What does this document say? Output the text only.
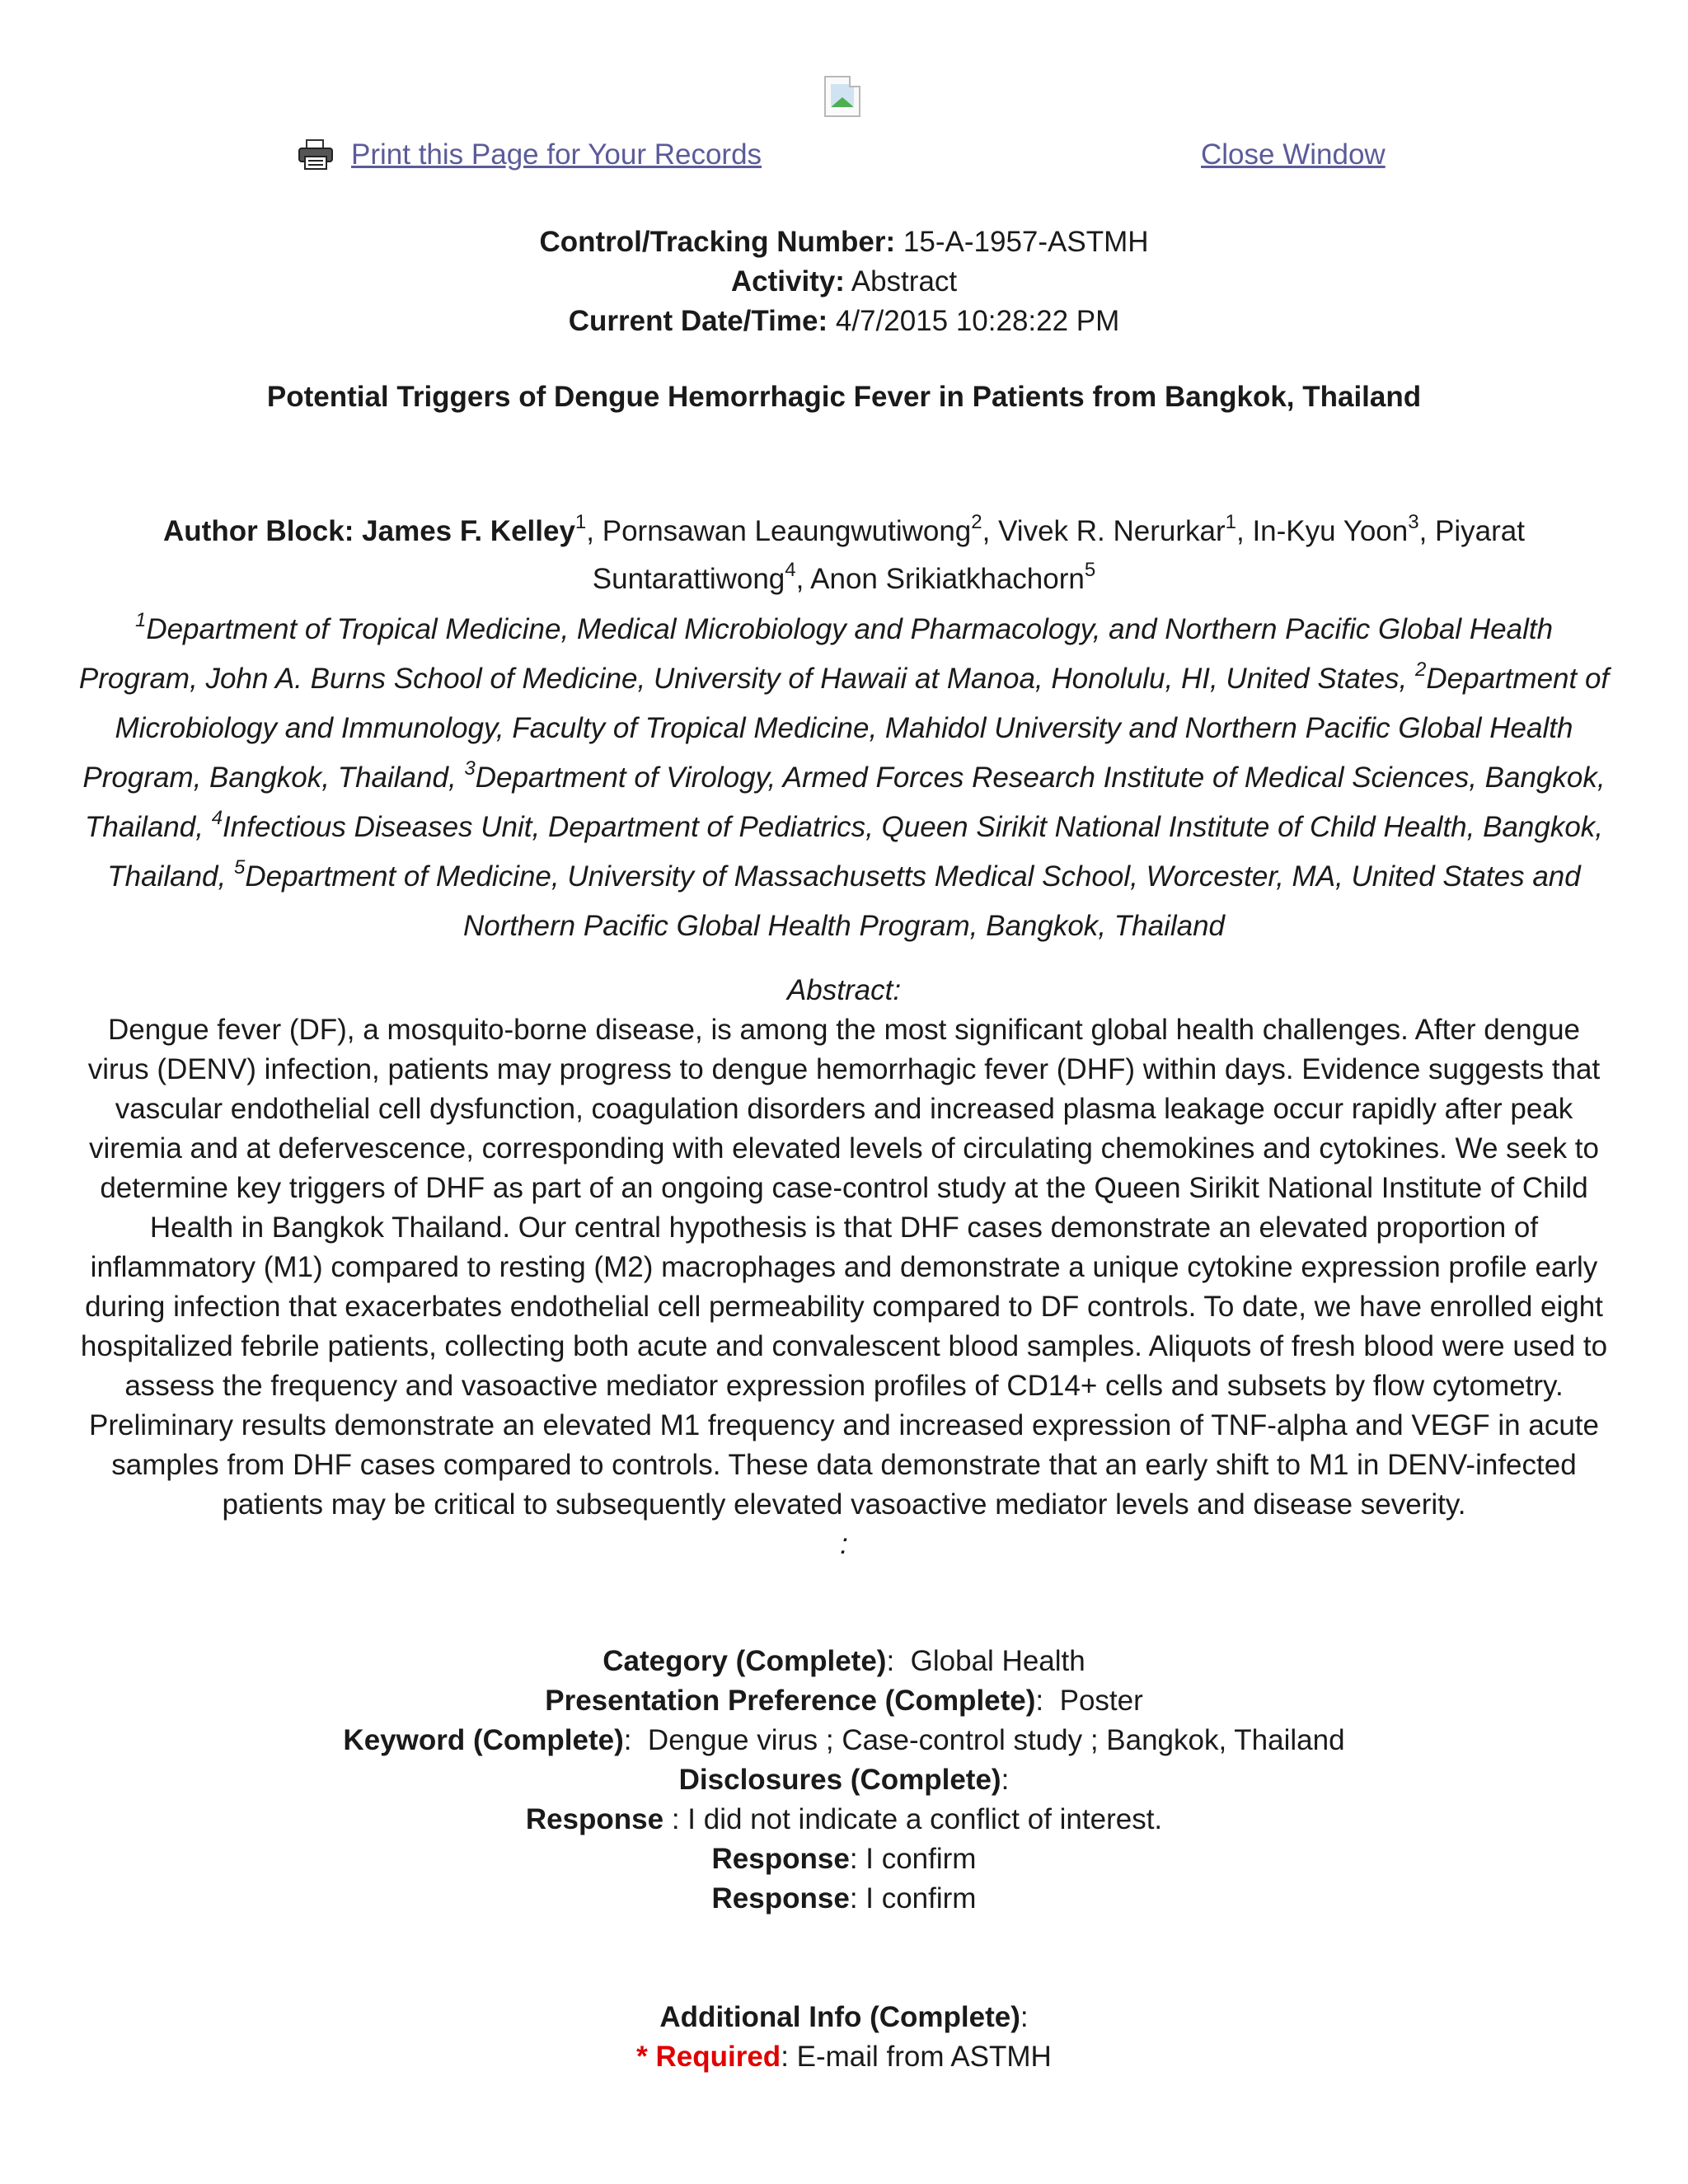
Print this Page for Your Records	Close Window
Control/Tracking Number: 15-A-1957-ASTMH
Activity: Abstract
Current Date/Time: 4/7/2015 10:28:22 PM
Potential Triggers of Dengue Hemorrhagic Fever in Patients from Bangkok, Thailand
Author Block: James F. Kelley$^1$, Pornsawan Leaungwutiwong$^2$, Vivek R. Nerurkar$^1$, In-Kyu Yoon$^3$, Piyarat Suntarattiwong$^4$, Anon Srikiatkhachorn$^5$
$^1$Department of Tropical Medicine, Medical Microbiology and Pharmacology, and Northern Pacific Global Health Program, John A. Burns School of Medicine, University of Hawaii at Manoa, Honolulu, HI, United States, $^2$Department of Microbiology and Immunology, Faculty of Tropical Medicine, Mahidol University and Northern Pacific Global Health Program, Bangkok, Thailand, $^3$Department of Virology, Armed Forces Research Institute of Medical Sciences, Bangkok, Thailand, $^4$Infectious Diseases Unit, Department of Pediatrics, Queen Sirikit National Institute of Child Health, Bangkok, Thailand, $^5$Department of Medicine, University of Massachusetts Medical School, Worcester, MA, United States and Northern Pacific Global Health Program, Bangkok, Thailand
Abstract:
Dengue fever (DF), a mosquito-borne disease, is among the most significant global health challenges. After dengue virus (DENV) infection, patients may progress to dengue hemorrhagic fever (DHF) within days. Evidence suggests that vascular endothelial cell dysfunction, coagulation disorders and increased plasma leakage occur rapidly after peak viremia and at defervescence, corresponding with elevated levels of circulating chemokines and cytokines. We seek to determine key triggers of DHF as part of an ongoing case-control study at the Queen Sirikit National Institute of Child Health in Bangkok Thailand. Our central hypothesis is that DHF cases demonstrate an elevated proportion of inflammatory (M1) compared to resting (M2) macrophages and demonstrate a unique cytokine expression profile early during infection that exacerbates endothelial cell permeability compared to DF controls. To date, we have enrolled eight hospitalized febrile patients, collecting both acute and convalescent blood samples. Aliquots of fresh blood were used to assess the frequency and vasoactive mediator expression profiles of CD14+ cells and subsets by flow cytometry. Preliminary results demonstrate an elevated M1 frequency and increased expression of TNF-alpha and VEGF in acute samples from DHF cases compared to controls. These data demonstrate that an early shift to M1 in DENV-infected patients may be critical to subsequently elevated vasoactive mediator levels and disease severity.
:
Category (Complete):  Global Health
Presentation Preference (Complete):  Poster
Keyword (Complete):  Dengue virus ; Case-control study ; Bangkok, Thailand
Disclosures (Complete):
Response : I did not indicate a conflict of interest.
Response: I confirm
Response: I confirm
Additional Info (Complete):
* Required: E-mail from ASTMH
